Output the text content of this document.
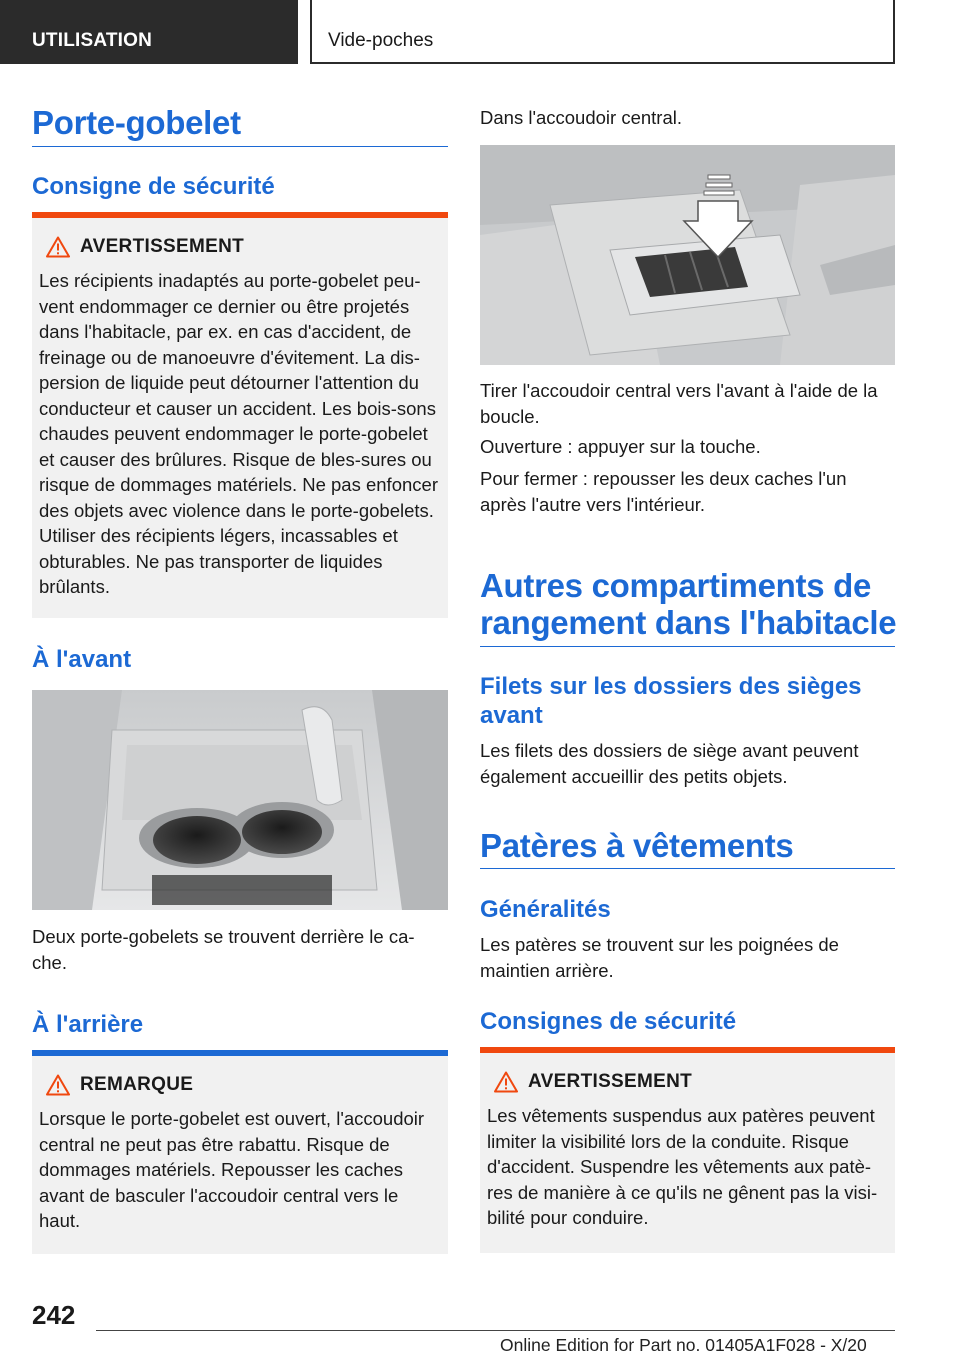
UTILISATION	Vide-poches
Porte-gobelet
Consigne de sécurité
AVERTISSEMENT
Les récipients inadaptés au porte-gobelet peu-vent endommager ce dernier ou être projetés dans l'habitacle, par ex. en cas d'accident, de freinage ou de manoeuvre d'évitement. La dis-persion de liquide peut détourner l'attention du conducteur et causer un accident. Les bois-sons chaudes peuvent endommager le porte-gobelet et causer des brûlures. Risque de bles-sures ou risque de dommages matériels. Ne pas enfoncer des objets avec violence dans le porte-gobelets. Utiliser des récipients légers, incassables et obturables. Ne pas transporter de liquides brûlants.
À l'avant
Deux porte-gobelets se trouvent derrière le ca-che.
À l'arrière
REMARQUE
Lorsque le porte-gobelet est ouvert, l'accoudoir central ne peut pas être rabattu. Risque de dommages matériels. Repousser les caches avant de basculer l'accoudoir central vers le haut.
Dans l'accoudoir central.
Tirer l'accoudoir central vers l'avant à l'aide de la boucle.
Ouverture : appuyer sur la touche.
Pour fermer : repousser les deux caches l'un après l'autre vers l'intérieur.
Autres compartiments de
rangement dans l'habitacle
Filets sur les dossiers des sièges
avant
Les filets des dossiers de siège avant peuvent également accueillir des petits objets.
Patères à vêtements
Généralités
Les patères se trouvent sur les poignées de maintien arrière.
Consignes de sécurité
AVERTISSEMENT
Les vêtements suspendus aux patères peuvent limiter la visibilité lors de la conduite. Risque d'accident. Suspendre les vêtements aux patè-res de manière à ce qu'ils ne gênent pas la visi-bilité pour conduire.
242
Online Edition for Part no. 01405A1F028 - X/20
